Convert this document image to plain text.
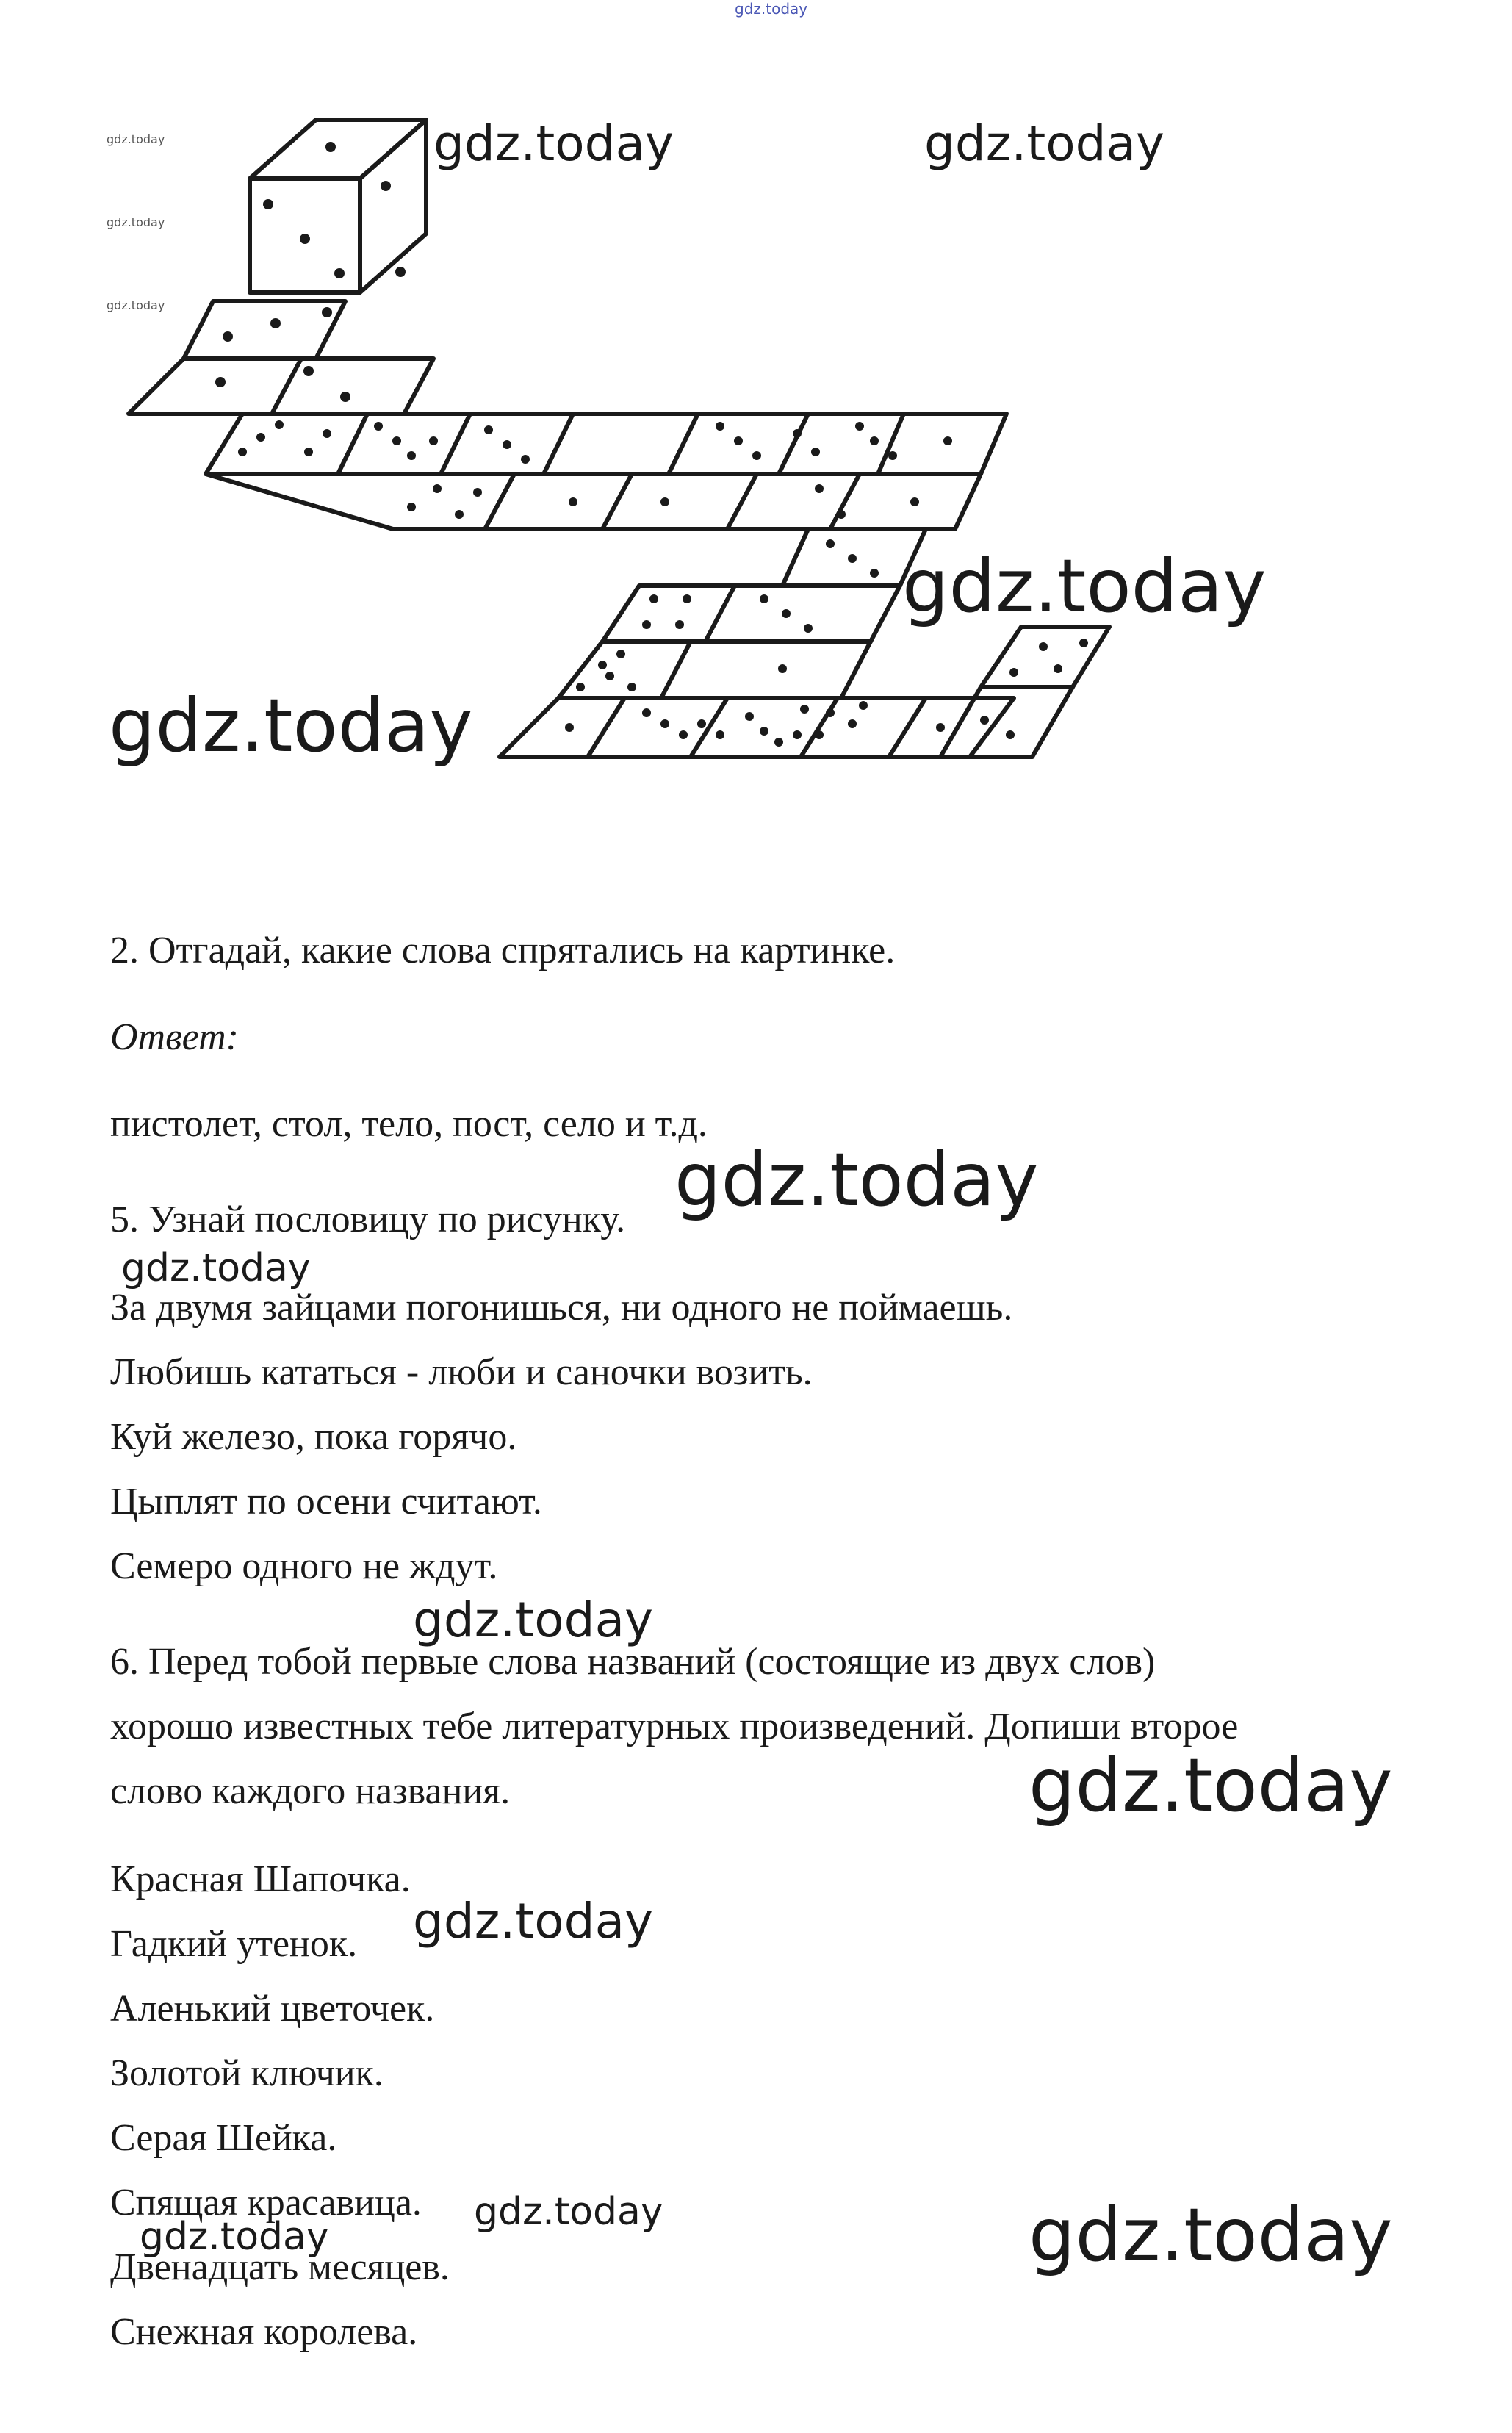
gdz.today
gdz.today
gdz.today
gdz.today
gdz.today	gdz.today
gdz.today
gdz.today
2. Отгадай, какие слова спрятались на картинке.
Ответ:
пистолет, стол, тело, пост, село и т.д.
gdz.today
5. Узнай пословицу по рисунку.
gdz.today
За двумя зайцами погонишься, ни одного не поймаешь.
Любишь кататься - люби и саночки возить.
Куй железо, пока горячо.
Цыплят по осени считают.
Семеро одного не ждут.
gdz.today
6. Перед тобой первые слова названий (состоящие из двух слов)
хорошо известных тебе литературных произведений. Допиши второе
слово каждого названия.	gdz.today
Красная Шапочка.
Гадкий утенок. gdz.today
Аленький цветочек.
Золотой ключик.
Серая Шейка.
Спящая красавица. gdz.today
gdz.today
Двенадцать месяцев.	gdz.today
Снежная королева.
